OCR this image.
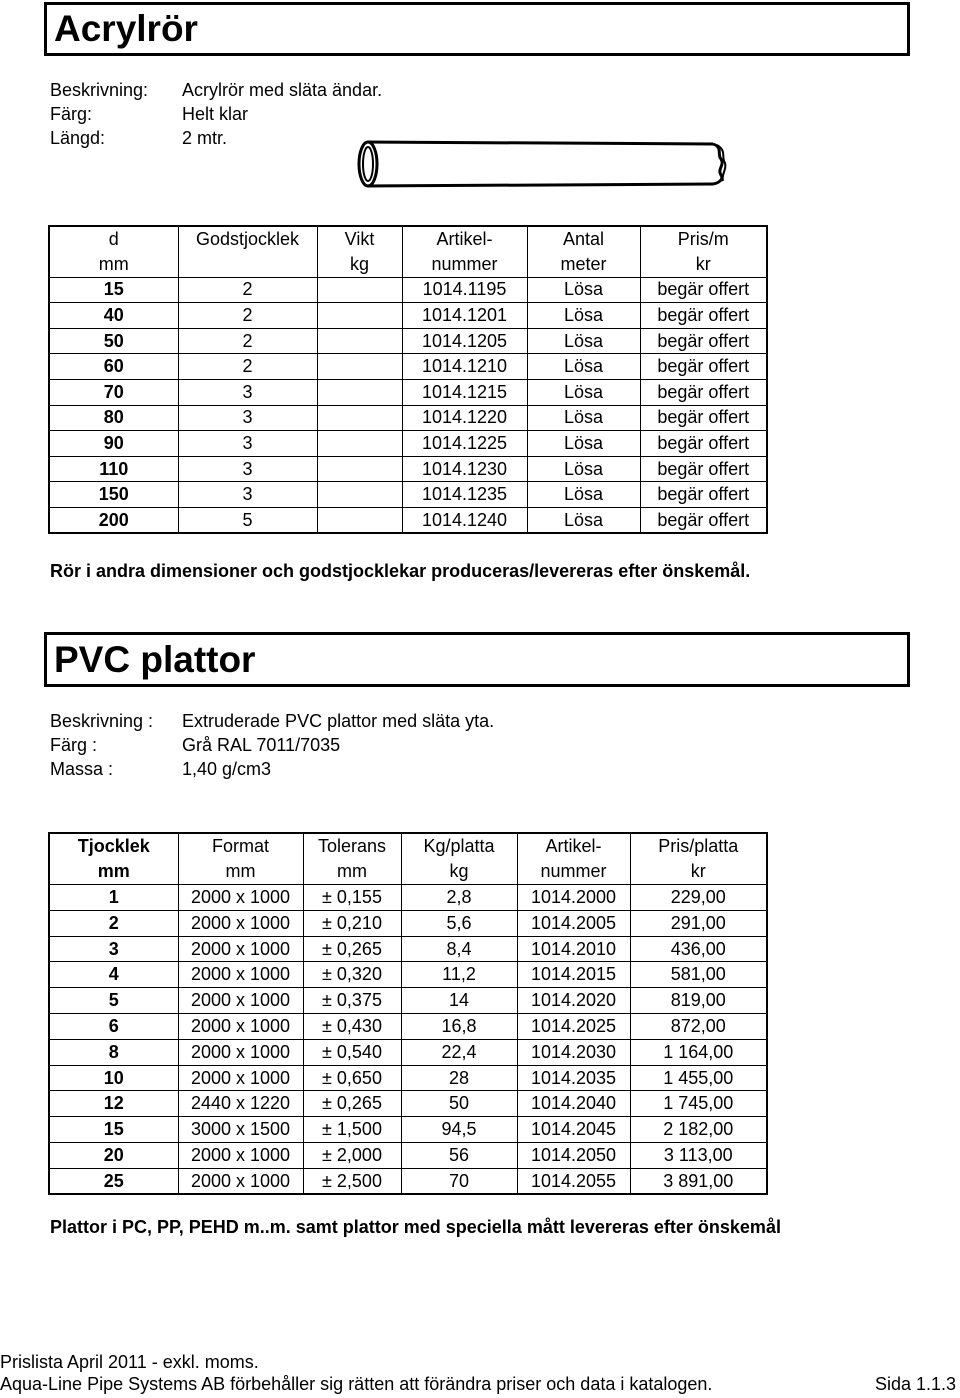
Acrylrör
Beskrivning:	Acrylrör med släta ändar.
Färg:	Helt klar
Längd:	2 mtr.
d	Godstjocklek	Vikt	Artikel-	Antal	Pris/m
mm		kg	nummer	meter	kr
15	2		1014.1195	Lösa	begär offert
40	2		1014.1201	Lösa	begär offert
50	2		1014.1205	Lösa	begär offert
60	2		1014.1210	Lösa	begär offert
70	3		1014.1215	Lösa	begär offert
80	3		1014.1220	Lösa	begär offert
90	3		1014.1225	Lösa	begär offert
110	3		1014.1230	Lösa	begär offert
150	3		1014.1235	Lösa	begär offert
200	5		1014.1240	Lösa	begär offert
Rör i andra dimensioner och godstjocklekar produceras/levereras efter önskemål.
PVC plattor
Beskrivning :	Extruderade PVC plattor med släta yta.
Färg :	Grå RAL 7011/7035
Massa :	1,40 g/cm3
Tjocklek	Format	Tolerans	Kg/platta	Artikel-	Pris/platta
mm	mm	mm	kg	nummer	kr
1	2000 x 1000	± 0,155	2,8	1014.2000	229,00
2	2000 x 1000	± 0,210	5,6	1014.2005	291,00
3	2000 x 1000	± 0,265	8,4	1014.2010	436,00
4	2000 x 1000	± 0,320	11,2	1014.2015	581,00
5	2000 x 1000	± 0,375	14	1014.2020	819,00
6	2000 x 1000	± 0,430	16,8	1014.2025	872,00
8	2000 x 1000	± 0,540	22,4	1014.2030	1 164,00
10	2000 x 1000	± 0,650	28	1014.2035	1 455,00
12	2440 x 1220	± 0,265	50	1014.2040	1 745,00
15	3000 x 1500	± 1,500	94,5	1014.2045	2 182,00
20	2000 x 1000	± 2,000	56	1014.2050	3 113,00
25	2000 x 1000	± 2,500	70	1014.2055	3 891,00
Plattor i PC, PP, PEHD m..m. samt plattor med speciella mått levereras efter önskemål
Prislista April 2011 - exkl. moms.
Aqua-Line Pipe Systems AB förbehåller sig rätten att förändra priser och data i katalogen.	Sida 1.1.3
